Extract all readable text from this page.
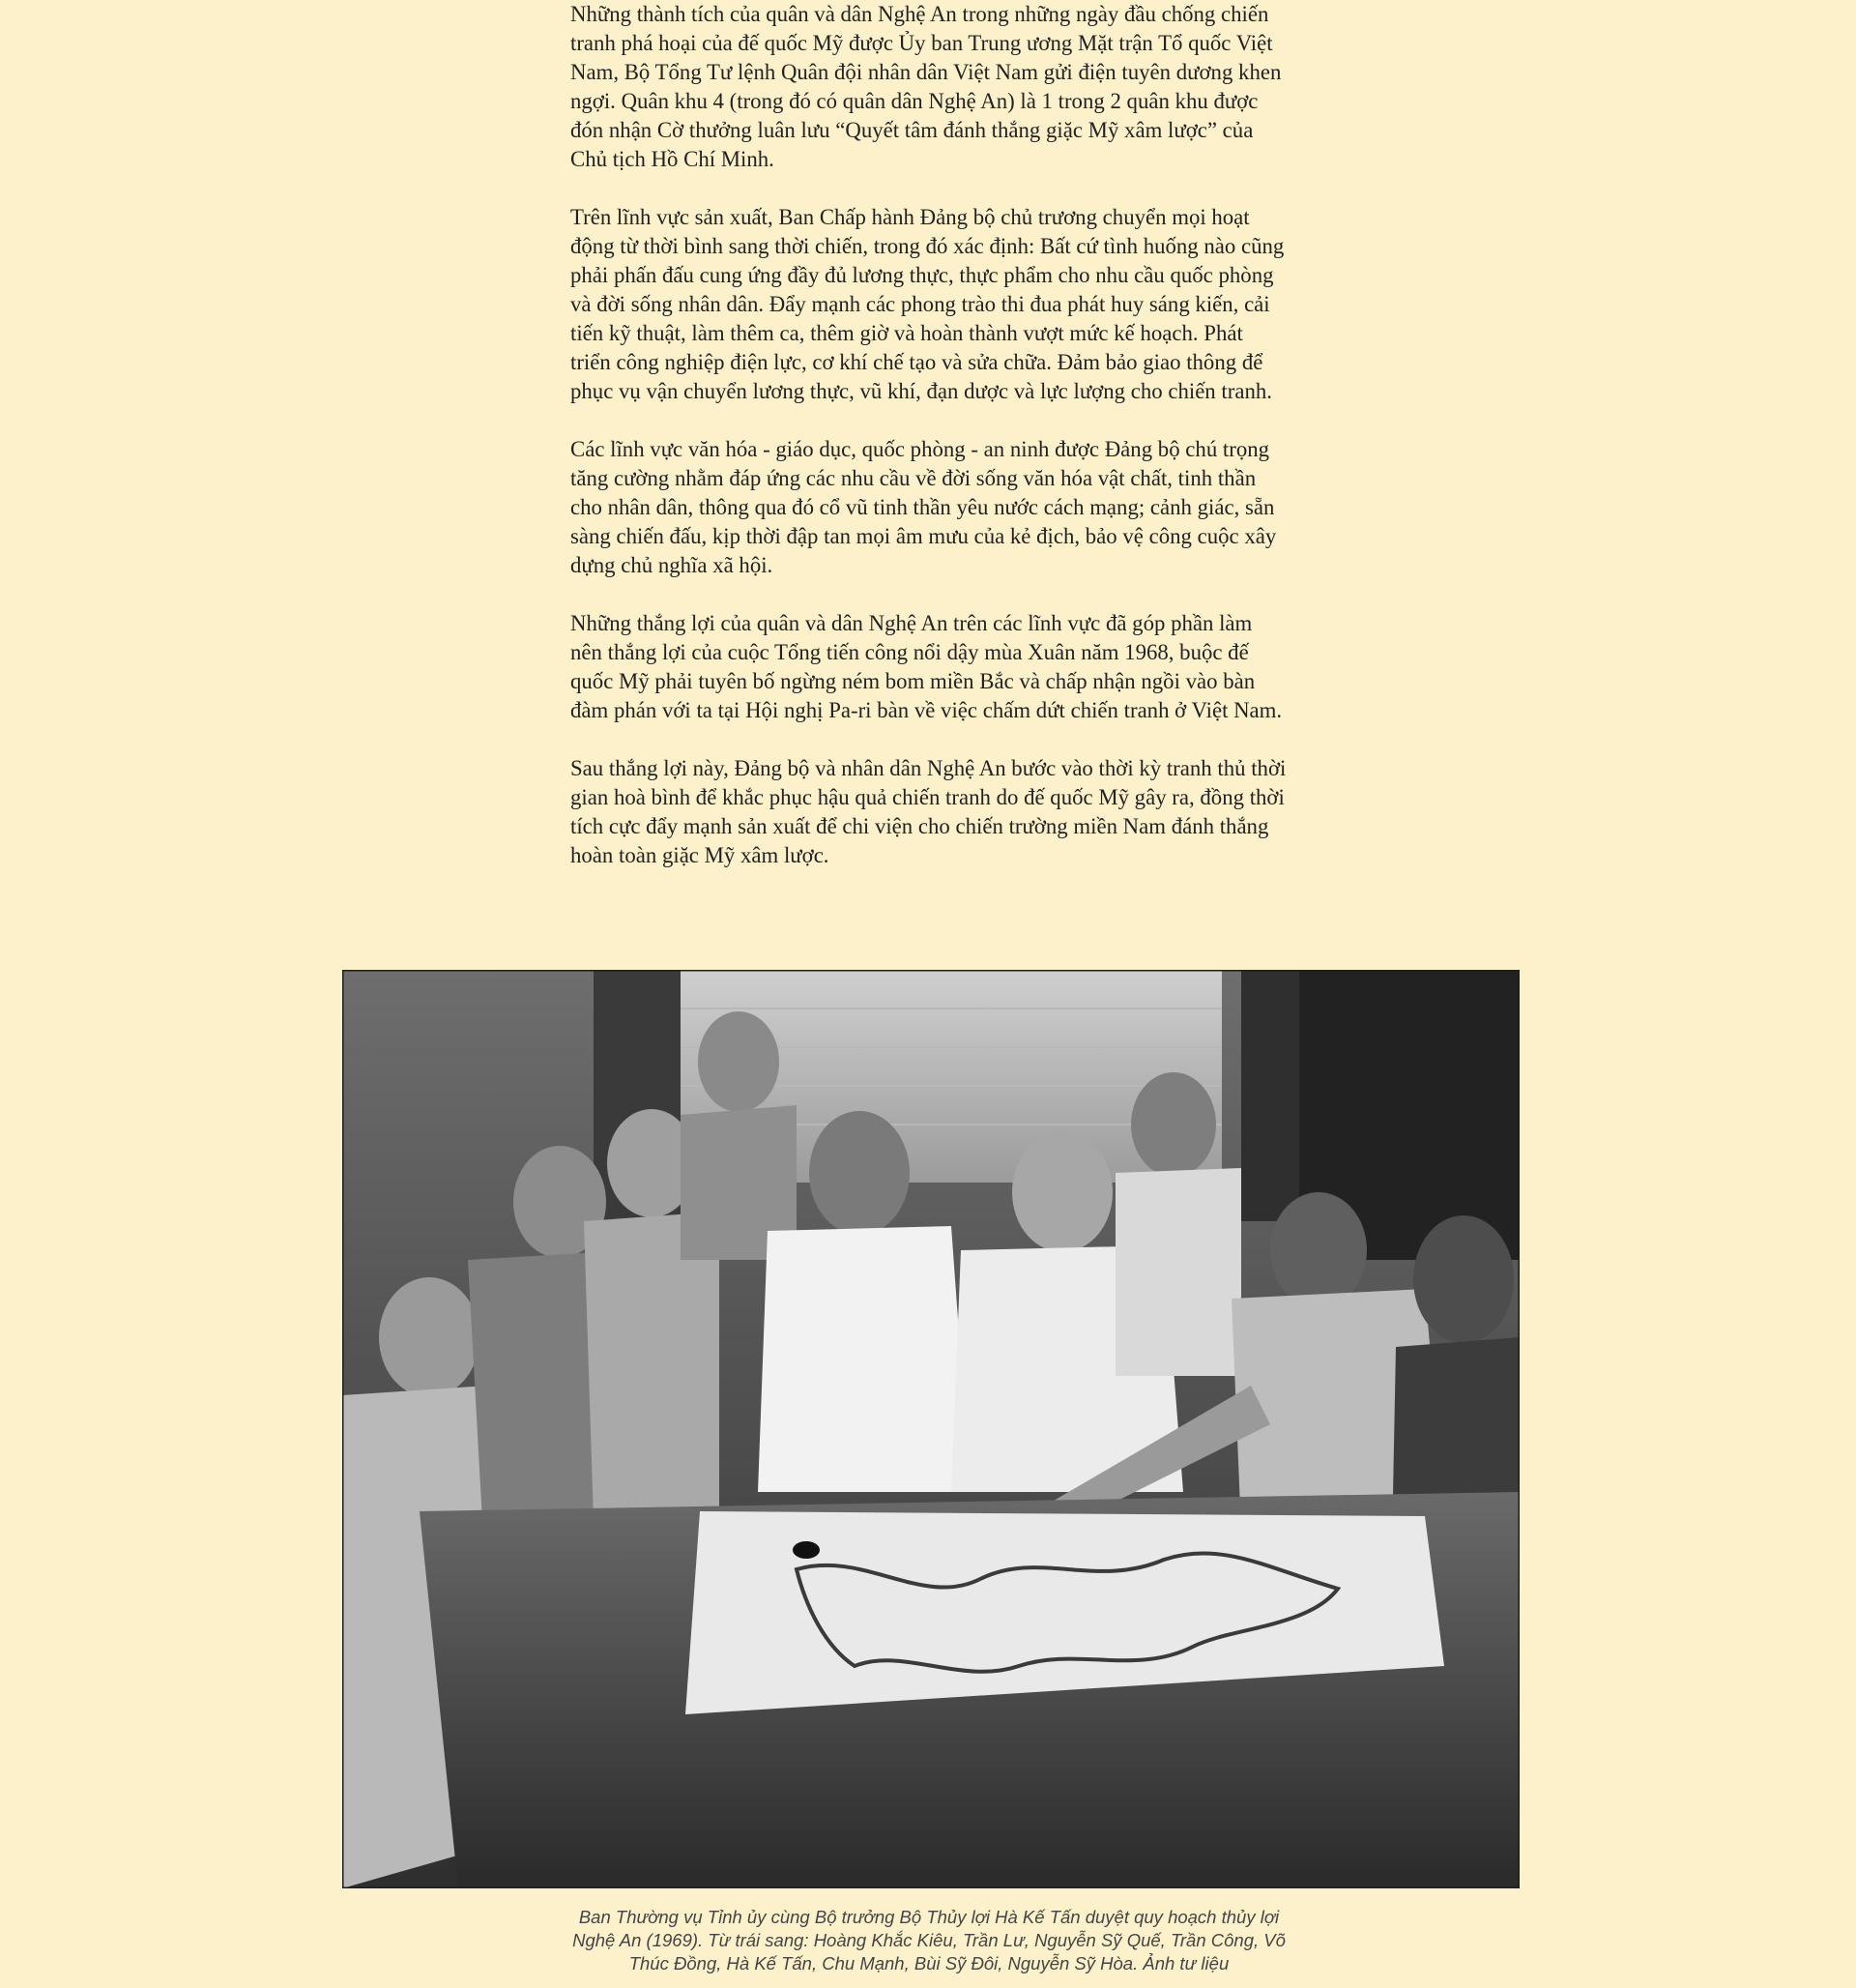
Những thành tích của quân và dân Nghệ An trong những ngày đầu chống chiến tranh phá hoại của đế quốc Mỹ được Ủy ban Trung ương Mặt trận Tổ quốc Việt Nam, Bộ Tổng Tư lệnh Quân đội nhân dân Việt Nam gửi điện tuyên dương khen ngợi. Quân khu 4 (trong đó có quân dân Nghệ An) là 1 trong 2 quân khu được đón nhận Cờ thưởng luân lưu “Quyết tâm đánh thắng giặc Mỹ xâm lược” của Chủ tịch Hồ Chí Minh.

Trên lĩnh vực sản xuất, Ban Chấp hành Đảng bộ chủ trương chuyển mọi hoạt động từ thời bình sang thời chiến, trong đó xác định: Bất cứ tình huống nào cũng phải phấn đấu cung ứng đầy đủ lương thực, thực phẩm cho nhu cầu quốc phòng và đời sống nhân dân. Đẩy mạnh các phong trào thi đua phát huy sáng kiến, cải tiến kỹ thuật, làm thêm ca, thêm giờ và hoàn thành vượt mức kế hoạch. Phát triển công nghiệp điện lực, cơ khí chế tạo và sửa chữa. Đảm bảo giao thông để phục vụ vận chuyển lương thực, vũ khí, đạn dược và lực lượng cho chiến tranh.

Các lĩnh vực văn hóa - giáo dục, quốc phòng - an ninh được Đảng bộ chú trọng tăng cường nhằm đáp ứng các nhu cầu về đời sống văn hóa vật chất, tinh thần cho nhân dân, thông qua đó cổ vũ tinh thần yêu nước cách mạng; cảnh giác, sẵn sàng chiến đấu, kịp thời đập tan mọi âm mưu của kẻ địch, bảo vệ công cuộc xây dựng chủ nghĩa xã hội.

Những thắng lợi của quân và dân Nghệ An trên các lĩnh vực đã góp phần làm nên thắng lợi của cuộc Tổng tiến công nổi dậy mùa Xuân năm 1968, buộc đế quốc Mỹ phải tuyên bố ngừng ném bom miền Bắc và chấp nhận ngồi vào bàn đàm phán với ta tại Hội nghị Pa-ri bàn về việc chấm dứt chiến tranh ở Việt Nam.

Sau thắng lợi này, Đảng bộ và nhân dân Nghệ An bước vào thời kỳ tranh thủ thời gian hoà bình để khắc phục hậu quả chiến tranh do đế quốc Mỹ gây ra, đồng thời tích cực đẩy mạnh sản xuất để chi viện cho chiến trường miền Nam đánh thắng hoàn toàn giặc Mỹ xâm lược.

Ban Thường vụ Tỉnh ủy cùng Bộ trưởng Bộ Thủy lợi Hà Kế Tấn duyệt quy hoạch thủy lợi Nghệ An (1969). Từ trái sang: Hoàng Khắc Kiêu, Trần Lư, Nguyễn Sỹ Quế, Trần Công, Võ Thúc Đồng, Hà Kế Tấn, Chu Mạnh, Bùi Sỹ Đôi, Nguyễn Sỹ Hòa. Ảnh tư liệu
